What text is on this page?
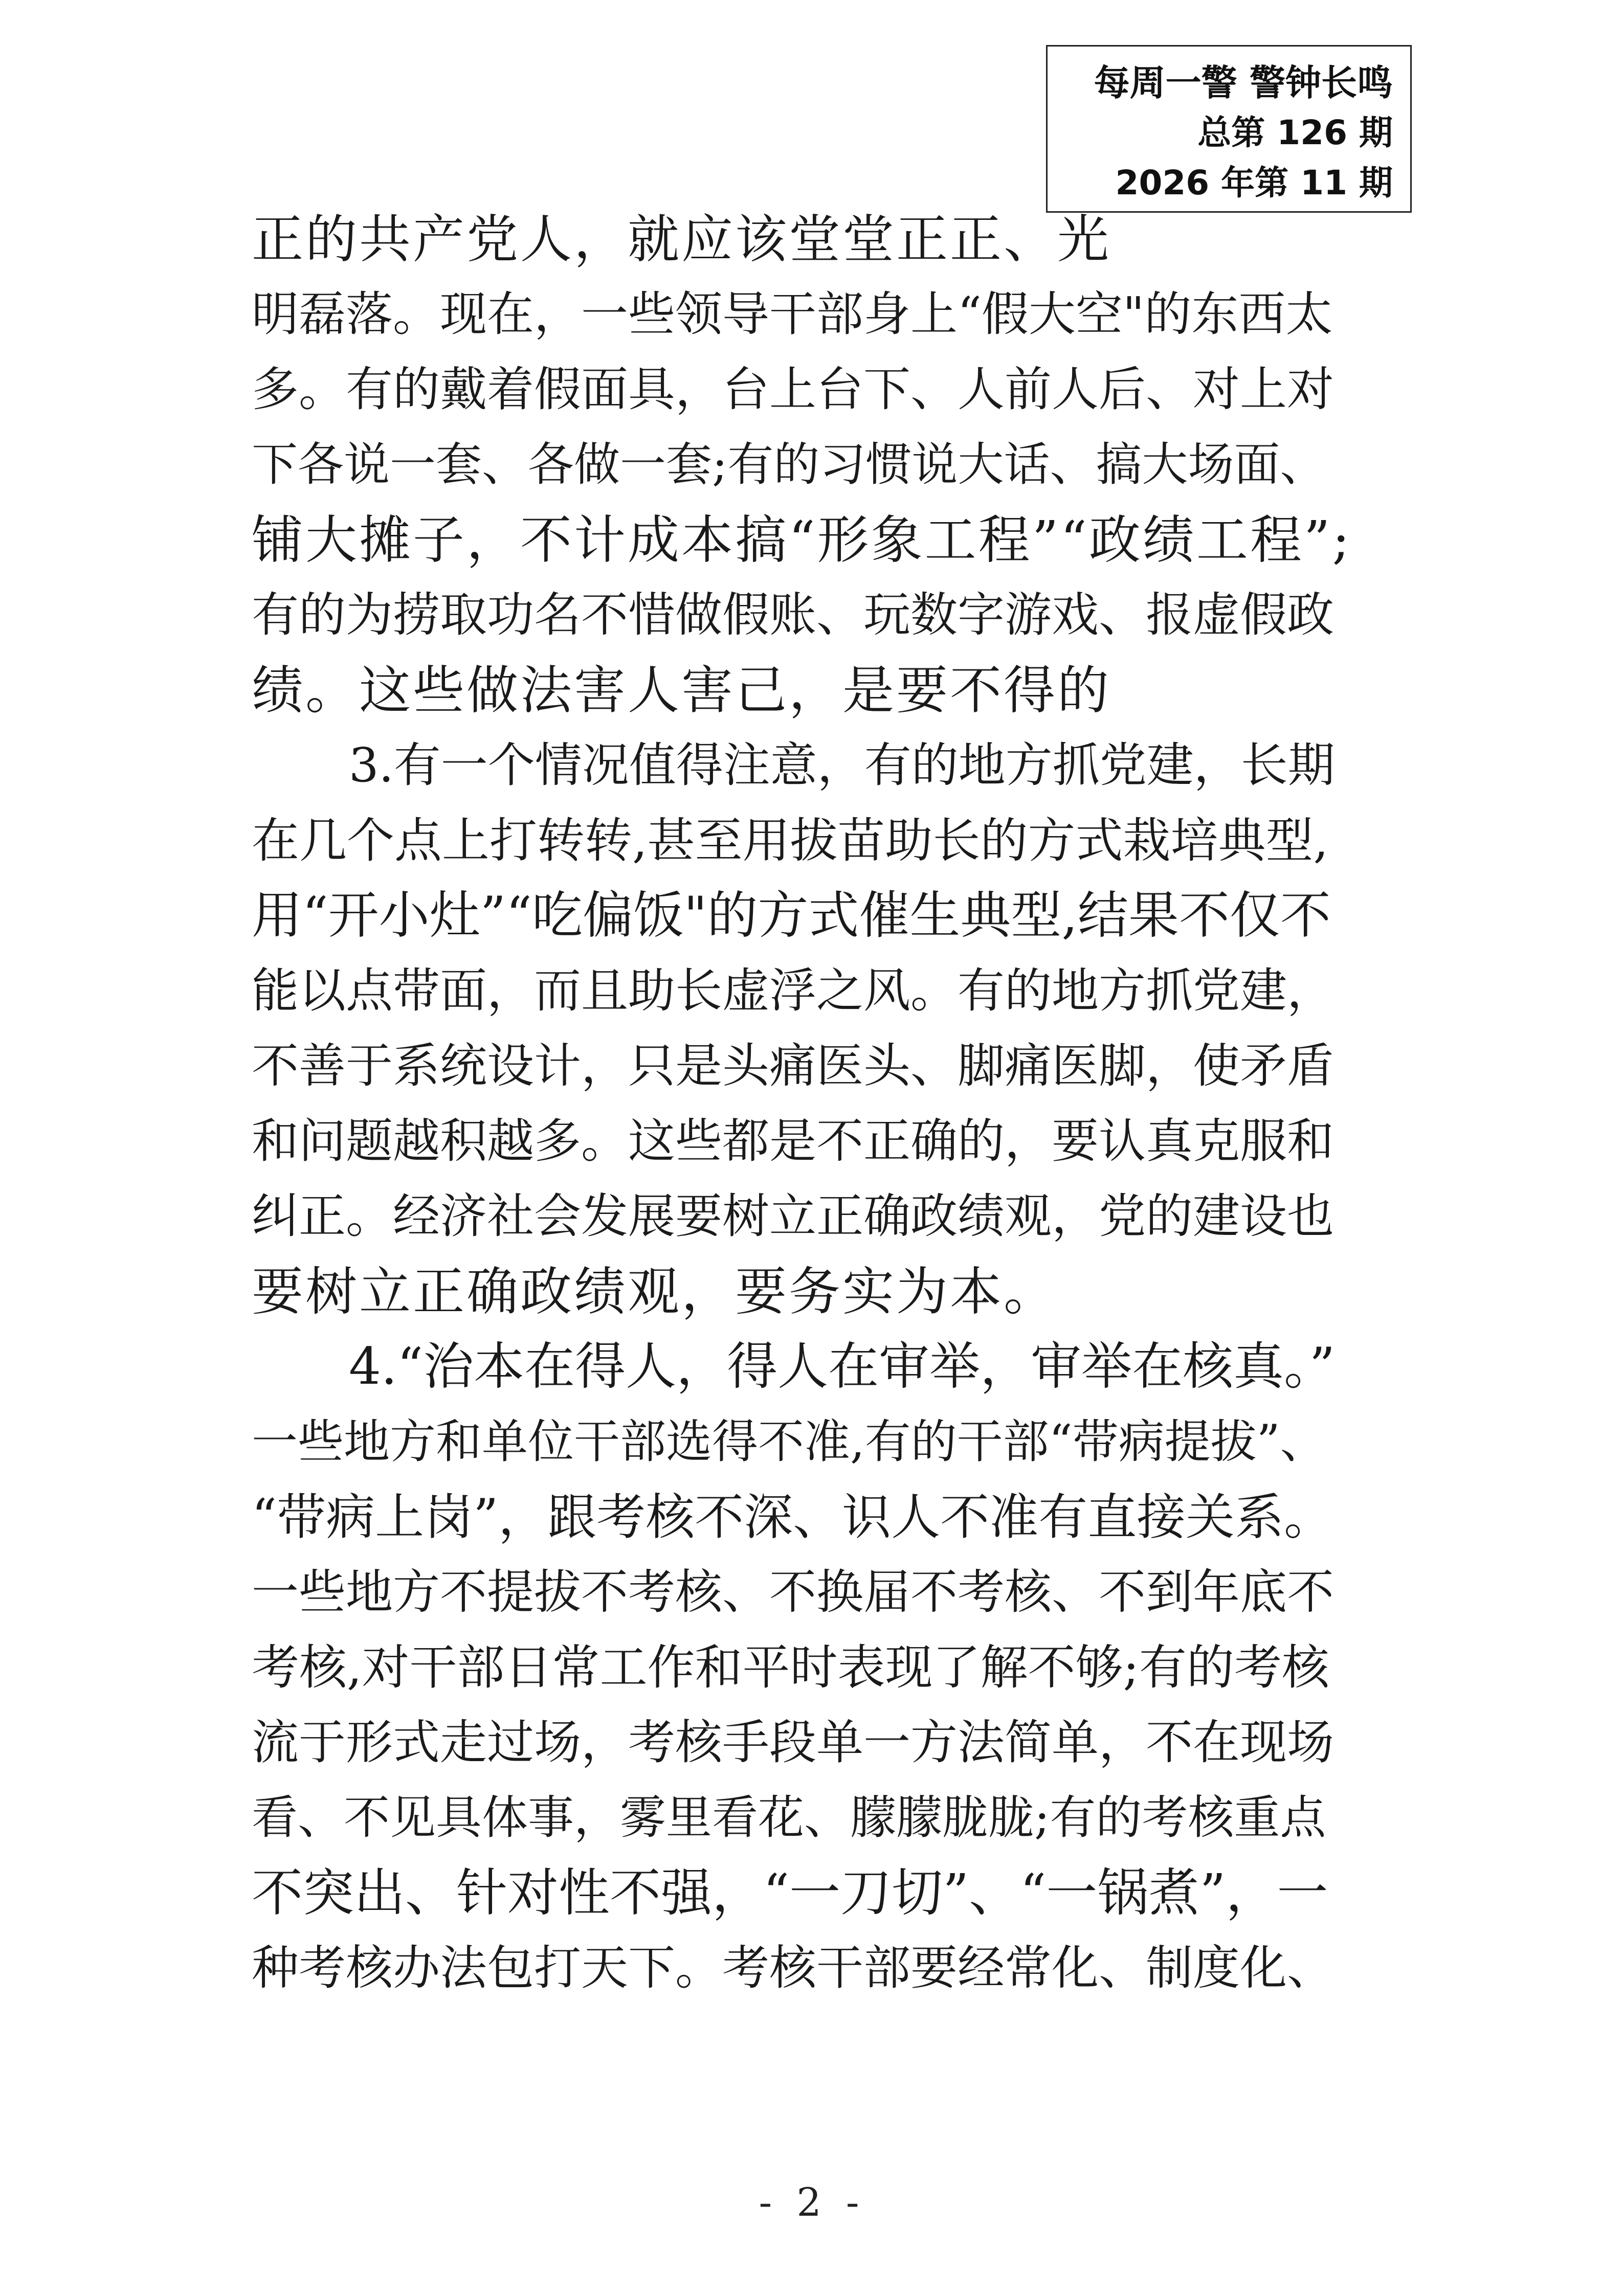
每周一警 警钟长鸣
总第 126 期
2026 年第 11 期
正的共产党人，就应该堂堂正正、光
明磊落。现在，一些领导干部身上“假大空"的东西太
多。有的戴着假面具，台上台下、人前人后、对上对
下各说一套、各做一套;有的习惯说大话、搞大场面、
铺大摊子，不计成本搞“形象工程”“政绩工程”;
有的为捞取功名不惜做假账、玩数字游戏、报虚假政
绩。这些做法害人害己，是要不得的
3.有一个情况值得注意，有的地方抓党建，长期
在几个点上打转转,甚至用拔苗助长的方式栽培典型,
用“开小灶”“吃偏饭"的方式催生典型,结果不仅不
能以点带面，而且助长虚浮之风。有的地方抓党建，
不善于系统设计，只是头痛医头、脚痛医脚，使矛盾
和问题越积越多。这些都是不正确的，要认真克服和
纠正。经济社会发展要树立正确政绩观，党的建设也
要树立正确政绩观，要务实为本。
4.“治本在得人，得人在审举，审举在核真。”
一些地方和单位干部选得不准,有的干部“带病提拔”、
“带病上岗”，跟考核不深、识人不准有直接关系。
一些地方不提拔不考核、不换届不考核、不到年底不
考核,对干部日常工作和平时表现了解不够;有的考核
流于形式走过场，考核手段单一方法简单，不在现场
看、不见具体事，雾里看花、朦朦胧胧;有的考核重点
不突出、针对性不强，“一刀切”、“一锅煮”，一
种考核办法包打天下。考核干部要经常化、制度化、
- 2 -
